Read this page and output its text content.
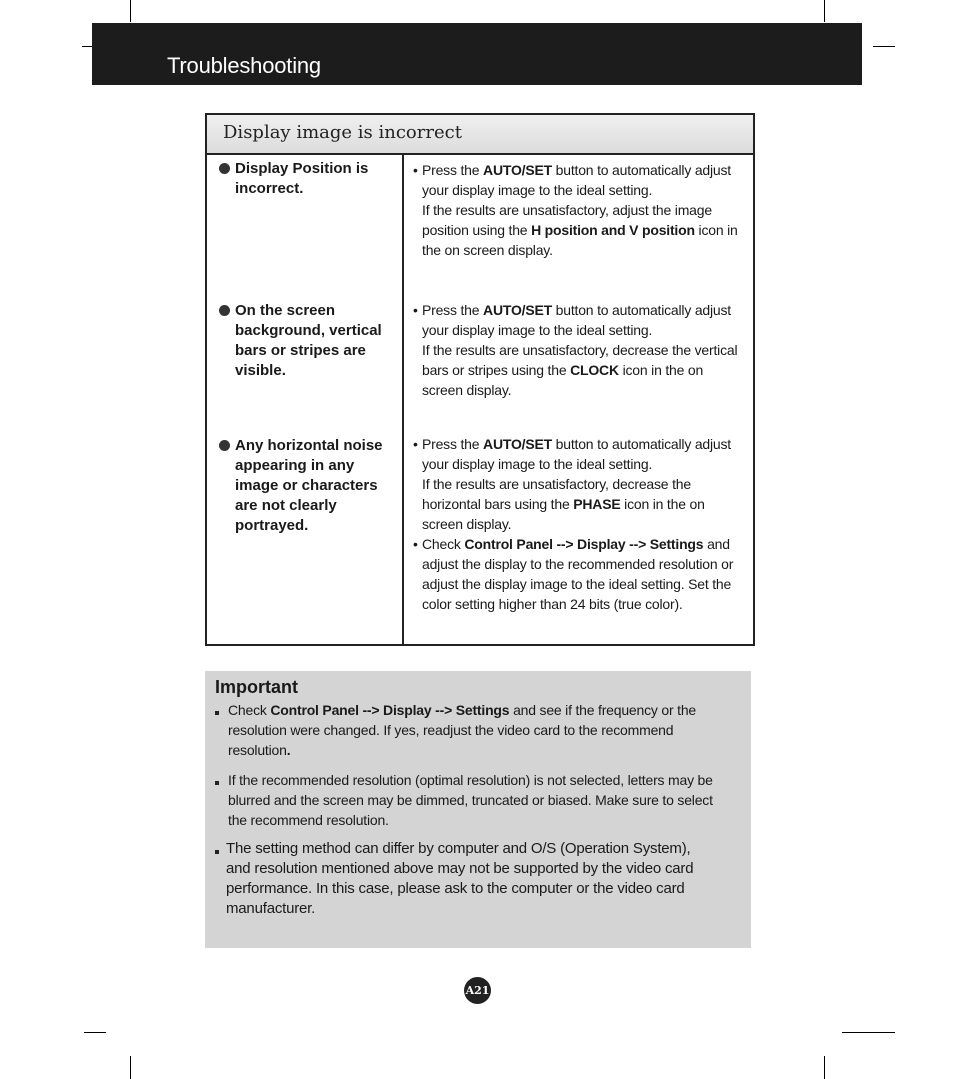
Troubleshooting
Display image is incorrect
Display Position is incorrect.
• Press the AUTO/SET button to automatically adjust your display image to the ideal setting.
If the results are unsatisfactory, adjust the image position using the H position and V position icon in the on screen display.
On the screen background, vertical bars or stripes are visible.
• Press the AUTO/SET button to automatically adjust your display image to the ideal setting.
If the results are unsatisfactory, decrease the vertical bars or stripes using the CLOCK icon in the on screen display.
Any horizontal noise appearing in any image or characters are not clearly portrayed.
• Press the AUTO/SET button to automatically adjust your display image to the ideal setting.
If the results are unsatisfactory, decrease the horizontal bars using the PHASE icon in the on screen display.
• Check Control Panel --> Display --> Settings and adjust the display to the recommended resolution or adjust the display image to the ideal setting. Set the color setting higher than 24 bits (true color).
Important
Check Control Panel --> Display --> Settings and see if the frequency or the resolution were changed. If yes, readjust the video card to the recommend resolution.
If the recommended resolution (optimal resolution) is not selected, letters may be blurred and the screen may be dimmed, truncated or biased. Make sure to select the recommend resolution.
The setting method can differ by computer and O/S (Operation System), and resolution mentioned above may not be supported by the video card performance. In this case, please ask to the computer or the video card manufacturer.
A21
